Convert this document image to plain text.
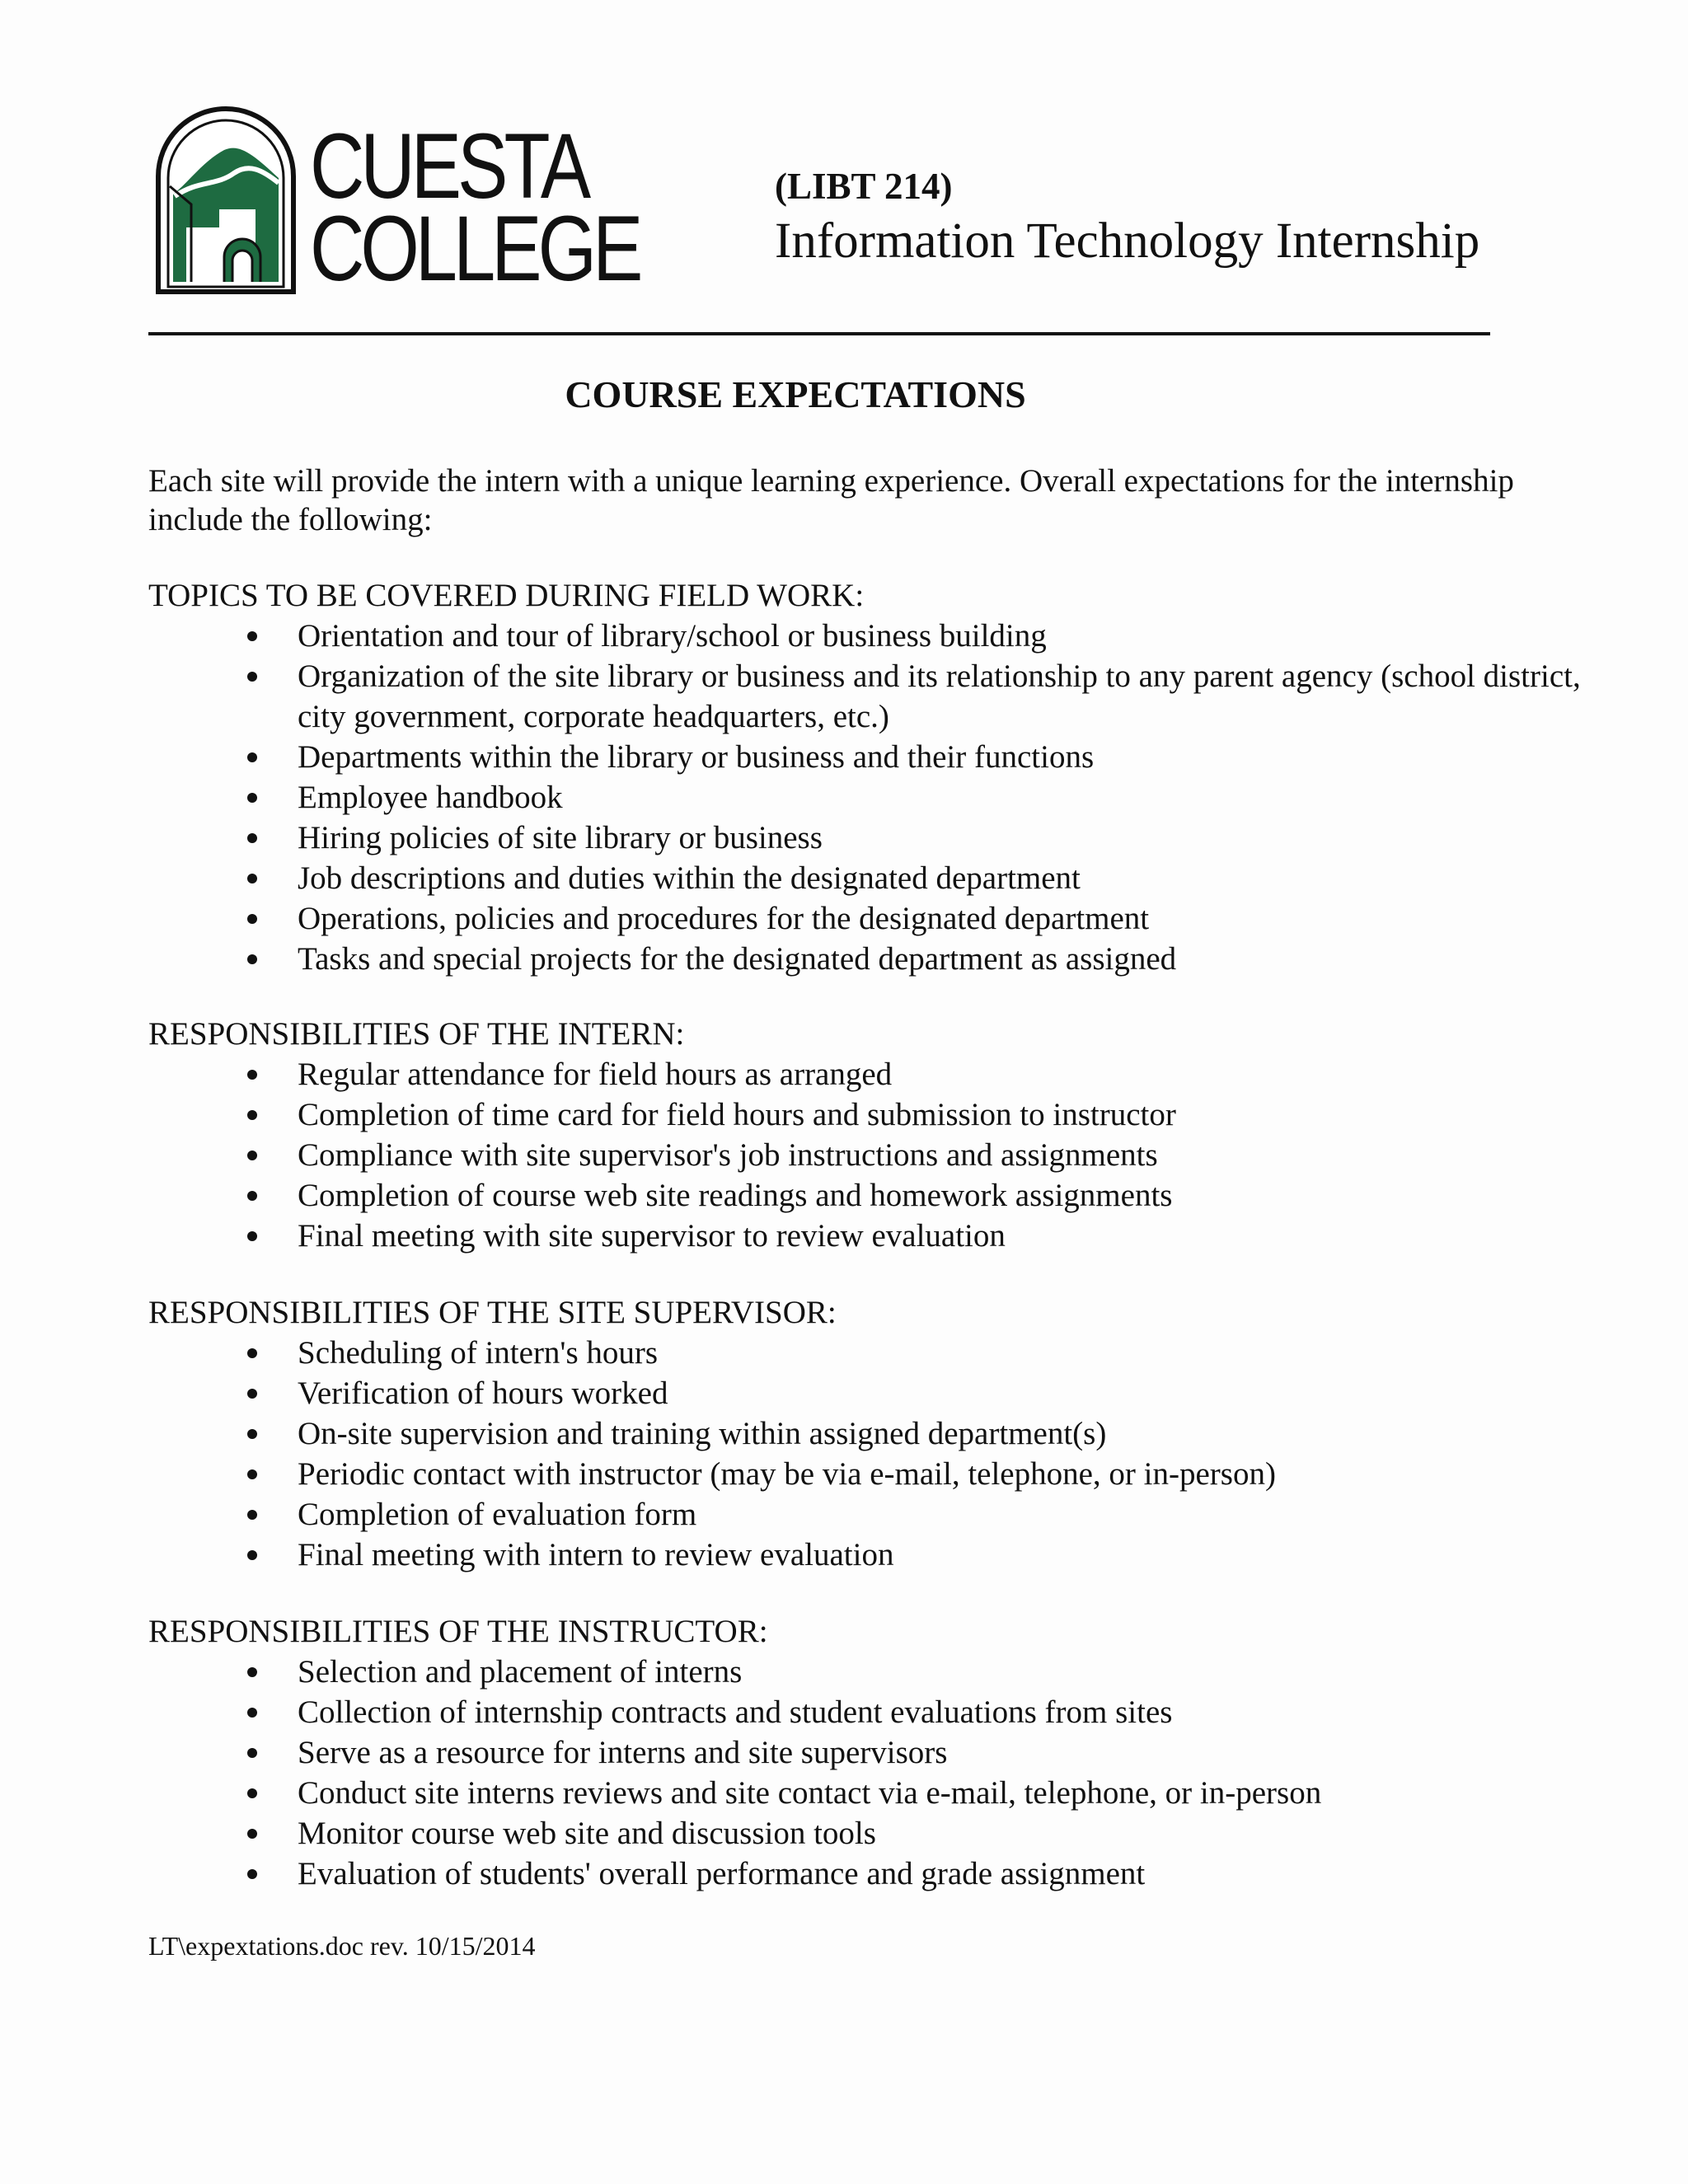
CUESTA
COLLEGE
(LIBT 214)
Information Technology Internship
COURSE EXPECTATIONS
Each site will provide the intern with a unique learning experience. Overall expectations for the internship include the following:
TOPICS TO BE COVERED DURING FIELD WORK:
Orientation and tour of library/school or business building
Organization of the site library or business and its relationship to any parent agency (school district, city government, corporate headquarters, etc.)
Departments within the library or business and their functions
Employee handbook
Hiring policies of site library or business
Job descriptions and duties within the designated department
Operations, policies and procedures for the designated department
Tasks and special projects for the designated department as assigned
RESPONSIBILITIES OF THE INTERN:
Regular attendance for field hours as arranged
Completion of time card for field hours and submission to instructor
Compliance with site supervisor's job instructions and assignments
Completion of course web site readings and homework assignments
Final meeting with site supervisor to review evaluation
RESPONSIBILITIES OF THE SITE SUPERVISOR:
Scheduling of intern's hours
Verification of hours worked
On-site supervision and training within assigned department(s)
Periodic contact with instructor (may be via e-mail, telephone, or in-person)
Completion of evaluation form
Final meeting with intern to review evaluation
RESPONSIBILITIES OF THE INSTRUCTOR:
Selection and placement of interns
Collection of internship contracts and student evaluations from sites
Serve as a resource for interns and site supervisors
Conduct site interns reviews and site contact via e-mail, telephone, or in-person
Monitor course web site and discussion tools
Evaluation of students' overall performance and grade assignment
LT\expextations.doc rev. 10/15/2014
